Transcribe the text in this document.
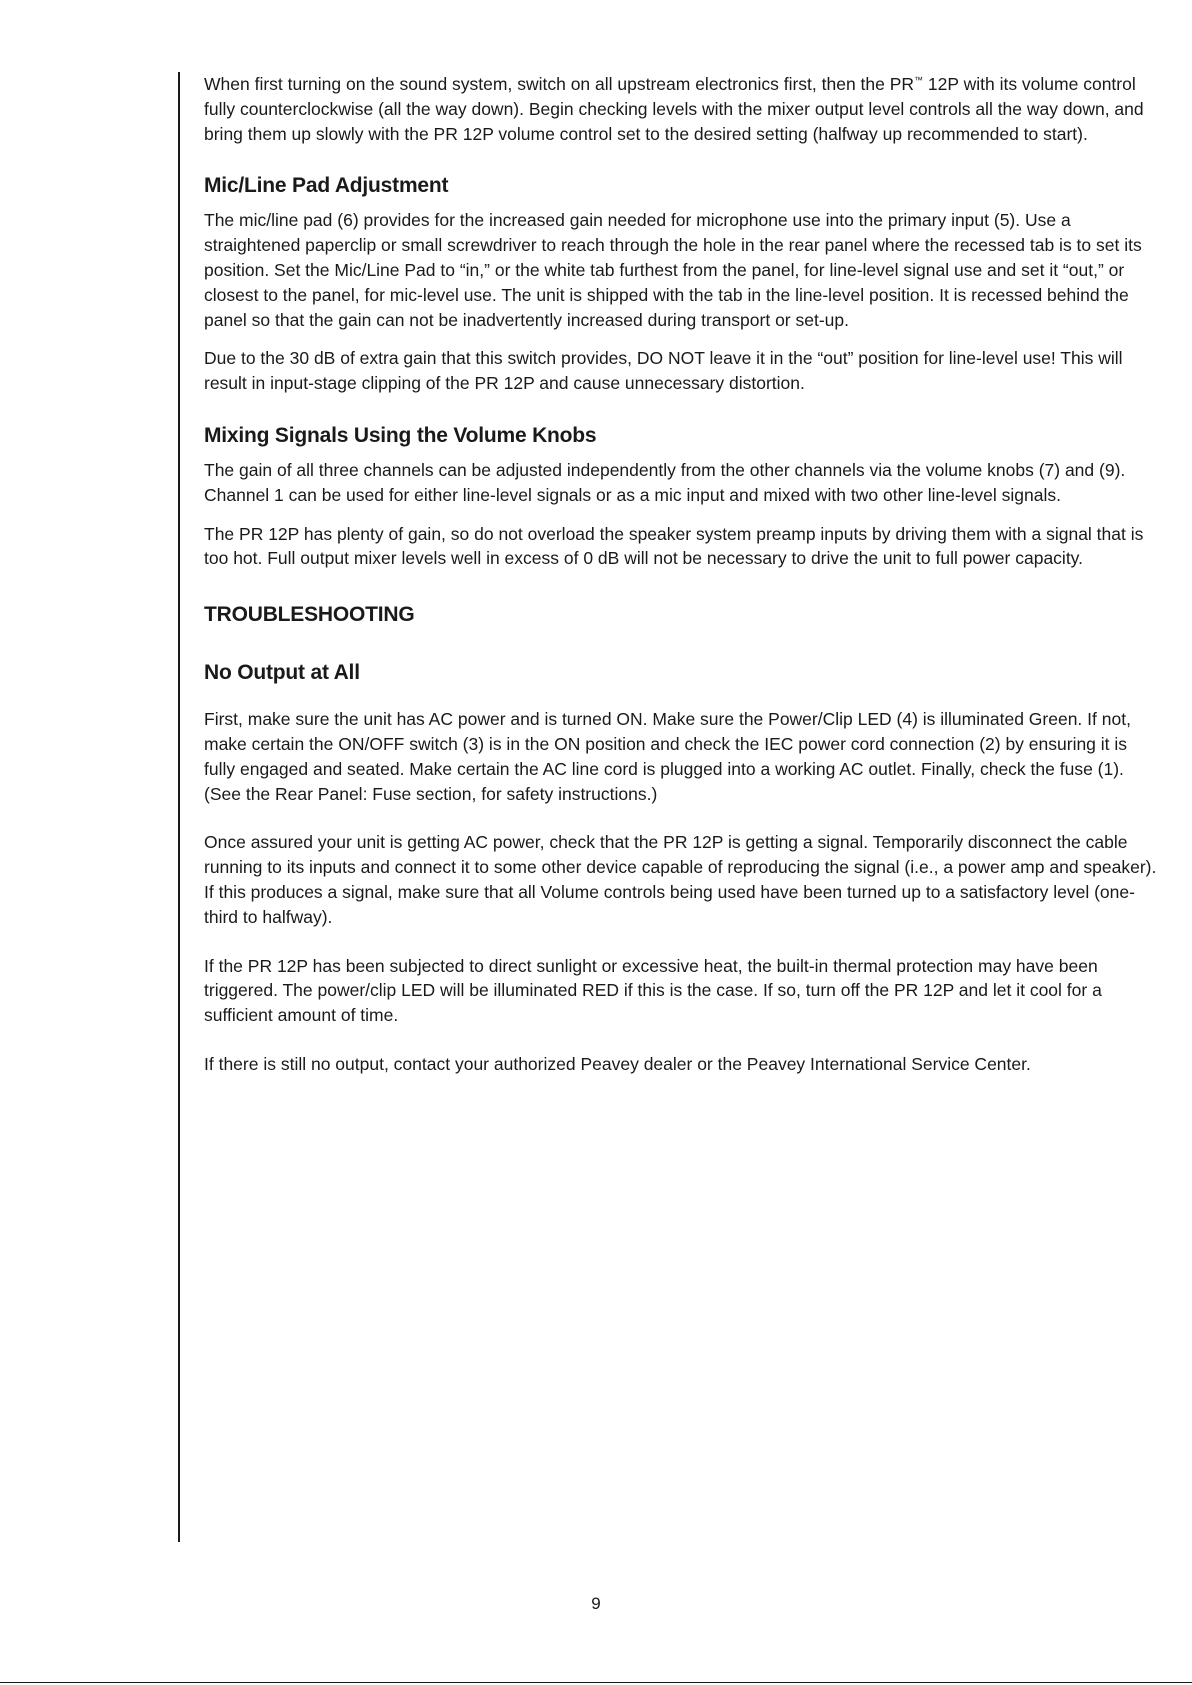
When first turning on the sound system, switch on all upstream electronics first, then the PR™ 12P with its volume control fully counterclockwise (all the way down). Begin checking levels with the mixer output level controls all the way down, and bring them up slowly with the PR 12P volume control set to the desired setting (halfway up recommended to start).

Mic/Line Pad Adjustment

The mic/line pad (6) provides for the increased gain needed for microphone use into the primary input (5). Use a straightened paperclip or small screwdriver to reach through the hole in the rear panel where the recessed tab is to set its position. Set the Mic/Line Pad to “in,” or the white tab furthest from the panel, for line-level signal use and set it “out,” or closest to the panel, for mic-level use. The unit is shipped with the tab in the line-level position. It is recessed behind the panel so that the gain can not be inadvertently increased during transport or set-up.

Due to the 30 dB of extra gain that this switch provides, DO NOT leave it in the “out” position for line-level use! This will result in input-stage clipping of the PR 12P and cause unnecessary distortion.

Mixing Signals Using the Volume Knobs

The gain of all three channels can be adjusted independently from the other channels via the volume knobs (7) and (9). Channel 1 can be used for either line-level signals or as a mic input and mixed with two other line-level signals.

The PR 12P has plenty of gain, so do not overload the speaker system preamp inputs by driving them with a signal that is too hot. Full output mixer levels well in excess of 0 dB will not be necessary to drive the unit to full power capacity.

TROUBLESHOOTING
No Output at All

First, make sure the unit has AC power and is turned ON. Make sure the Power/Clip LED (4) is illuminated Green. If not, make certain the ON/OFF switch (3) is in the ON position and check the IEC power cord connection (2) by ensuring it is fully engaged and seated. Make certain the AC line cord is plugged into a working AC outlet. Finally, check the fuse (1). (See the Rear Panel: Fuse section, for safety instructions.)

Once assured your unit is getting AC power, check that the PR 12P is getting a signal. Temporarily disconnect the cable running to its inputs and connect it to some other device capable of reproducing the signal (i.e., a power amp and speaker). If this produces a signal, make sure that all Volume controls being used have been turned up to a satisfactory level (one-third to halfway).

If the PR 12P has been subjected to direct sunlight or excessive heat, the built-in thermal protection may have been triggered. The power/clip LED will be illuminated RED if this is the case. If so, turn off the PR 12P and let it cool for a sufficient amount of time.

If there is still no output, contact your authorized Peavey dealer or the Peavey International Service Center.

9
